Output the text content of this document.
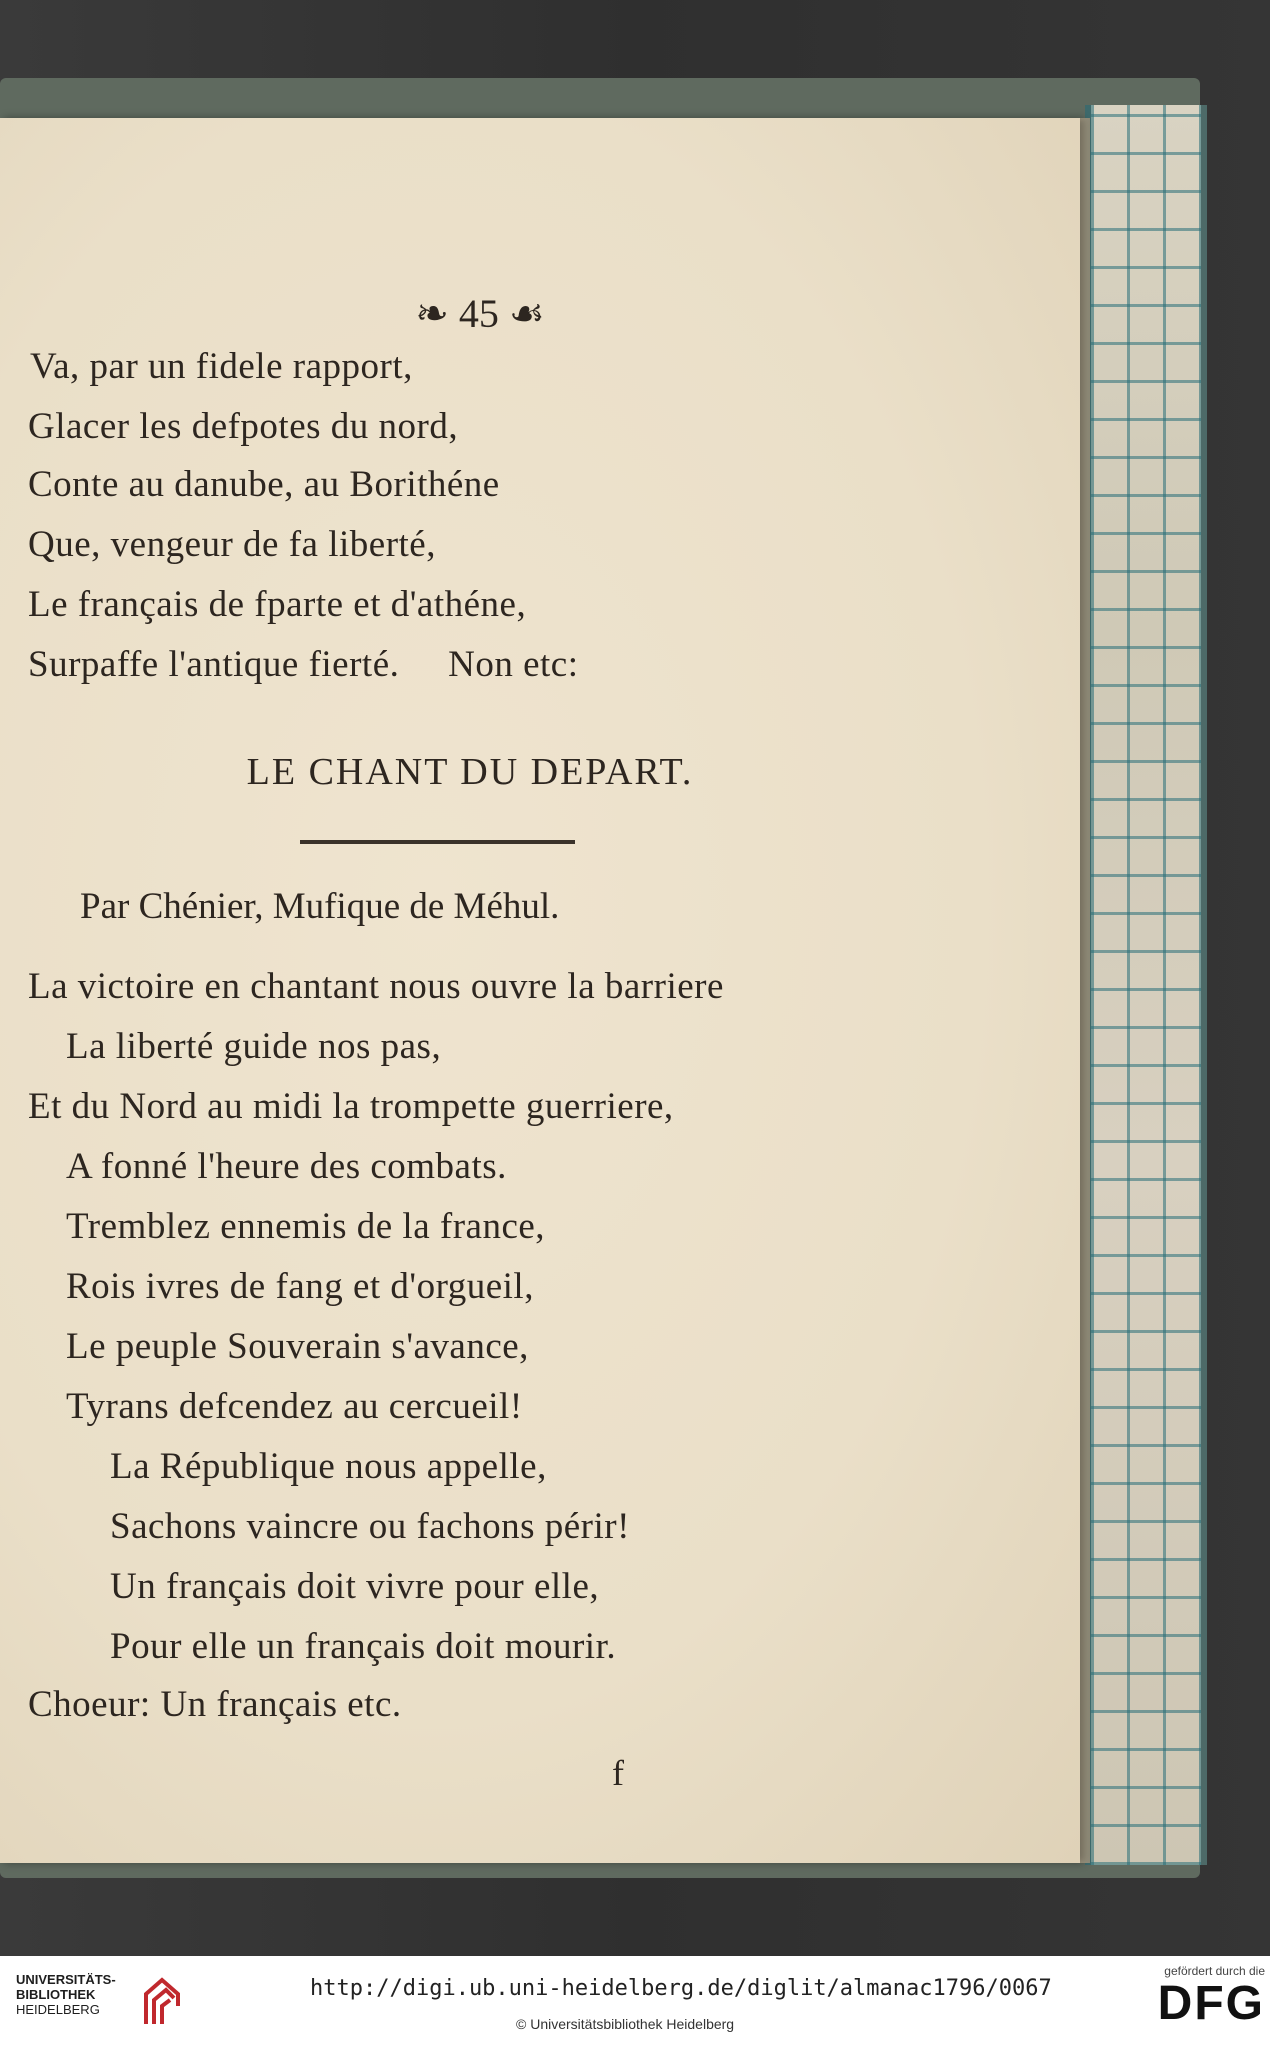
❧ 45 ☙
Va, par un fidele rapport,
Glacer les defpotes du nord,
Conte au danube, au Borithéne
Que, vengeur de fa liberté,
Le français de fparte et d'athéne,
Surpaffe l'antique fierté.     Non etc:
LE CHANT DU DEPART.
Par Chénier, Mufique de Méhul.
La victoire en chantant nous ouvre la barriere
La liberté guide nos pas,
Et du Nord au midi la trompette guerriere,
A fonné l'heure des combats.
Tremblez ennemis de la france,
Rois ivres de fang et d'orgueil,
Le peuple Souverain s'avance,
Tyrans defcendez au cercueil!
La République nous appelle,
Sachons vaincre ou fachons périr!
Un français doit vivre pour elle,
Pour elle un français doit mourir.
Choeur: Un français etc.
f
UNIVERSITÄTS-
BIBLIOTHEK
HEIDELBERG
http://digi.ub.uni-heidelberg.de/diglit/almanac1796/0067
© Universitätsbibliothek Heidelberg
gefördert durch die
DFG
